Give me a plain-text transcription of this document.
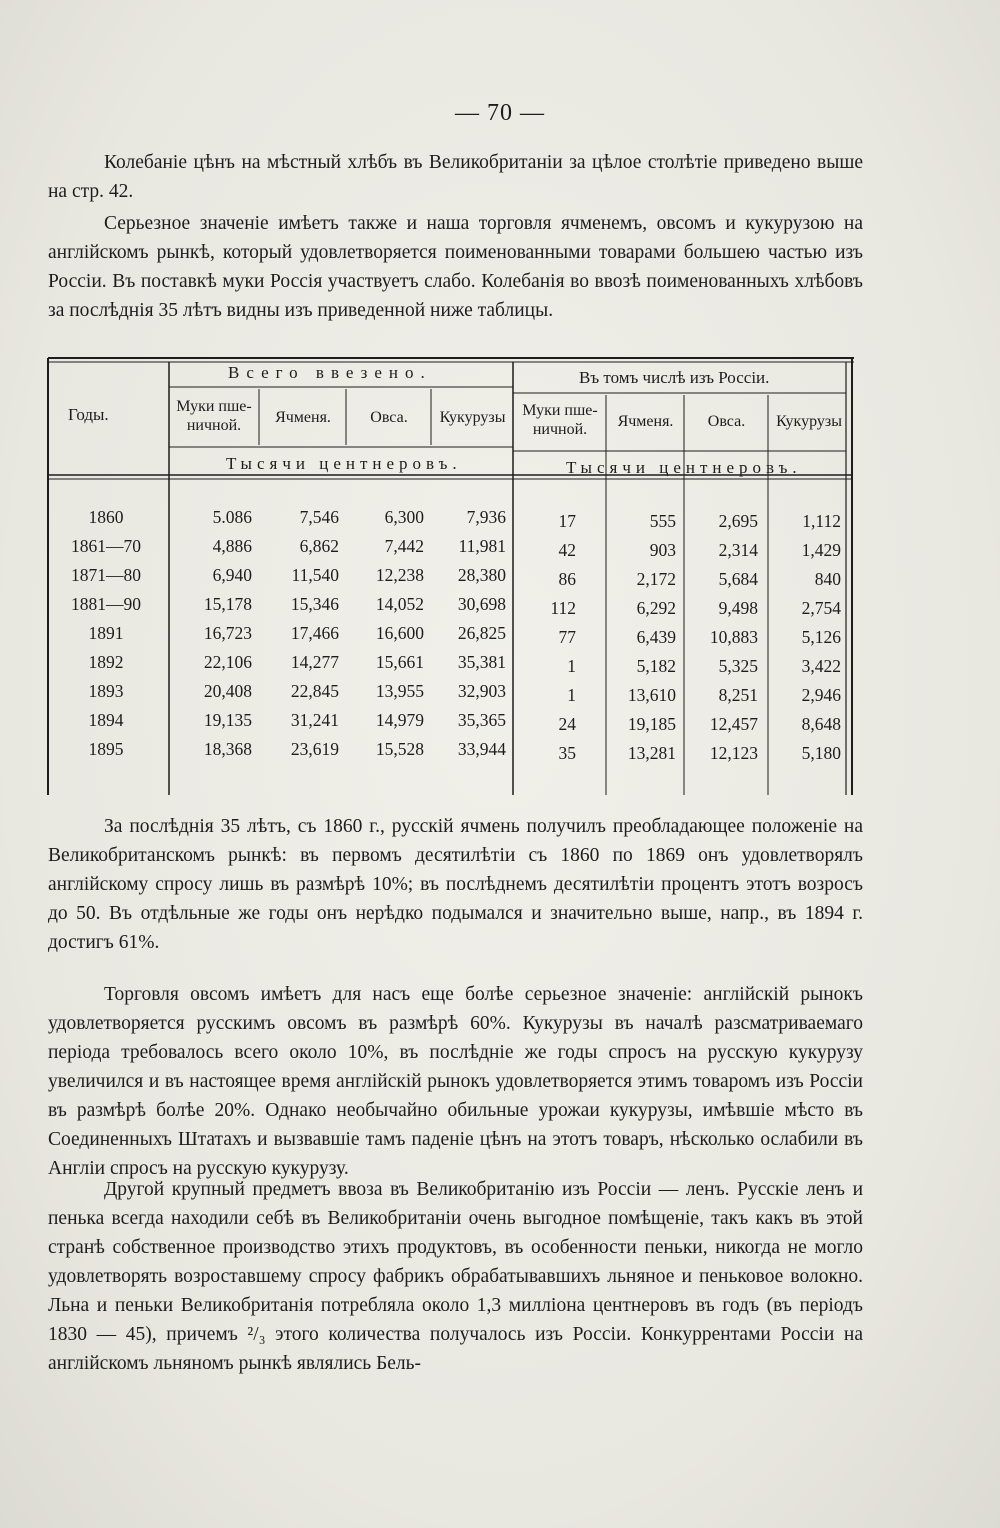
— 70 —

Колебаніе цѣнъ на мѣстный хлѣбъ въ Великобританіи за цѣлое столѣтіе приведено выше на стр. 42.

Серьезное значеніе имѣетъ также и наша торговля ячменемъ, овсомъ и кукурузою на англійскомъ рынкѣ, который удовлетворяется поименованными товарами большею частью изъ Россіи. Въ поставкѣ муки Россія участвуетъ слабо. Колебанія во ввозѣ поименованныхъ хлѣбовъ за послѣднія 35 лѣтъ видны изъ приведенной ниже таблицы.

Годы.
Всего ввезено.	Въ томъ числѣ изъ Россіи.
Муки пше-ничной.	Ячменя.	Овса.	Кукурузы	Муки пше-ничной.	Ячменя.	Овса.	Кукурузы
Тысячи центнеровъ.	Тысячи центнеровъ.
1860	5.086	7,546	6,300 7,936	17	555 2,695	1,112
1861—70	4,886	6,862	7,442 11,981	42	903 2,314 1,429
1871—80	6,940 11,540 12,238 28,380	86	2,172 5,684	840
1881—90	15,178 15,346 14,052 30,698	112	6,292 9,498 2,754
1891	16,723 17,466 16,600 26,825	77	6,439 10,883 5,126
1892	22,106 14,277 15,661 35,381	1	5,182 5,325 3,422
1893	20,408 22,845 13,955 32,903	1	13,610 8,251 2,946
1894	19,135 31,241 14,979 35,365	24	19,185 12,457 8,648
1895	18,368 23,619 15,528 33,944	35	13,281 12,123 5,180

За послѣднія 35 лѣтъ, съ 1860 г., русскій ячмень получилъ преобладающее положеніе на Великобританскомъ рынкѣ: въ первомъ десятилѣтіи съ 1860 по 1869 онъ удовлетворялъ англійскому спросу лишь въ размѣрѣ 10%; въ послѣднемъ десятилѣтіи процентъ этотъ возросъ до 50. Въ отдѣльные же годы онъ нерѣдко подымался и значительно выше, напр., въ 1894 г. достигъ 61%.

Торговля овсомъ имѣетъ для насъ еще болѣе серьезное значеніе: англійскій рынокъ удовлетворяется русскимъ овсомъ въ размѣрѣ 60%. Кукурузы въ началѣ разсматриваемаго періода требовалось всего около 10%, въ послѣдніе же годы спросъ на русскую кукурузу увеличился и въ настоящее время англійскій рынокъ удовлетворяется этимъ товаромъ изъ Россіи въ размѣрѣ болѣе 20%. Однако необычайно обильные урожаи кукурузы, имѣвшіе мѣсто въ Соединенныхъ Штатахъ и вызвавшіе тамъ паденіе цѣнъ на этотъ товаръ, нѣсколько ослабили въ Англіи спросъ на русскую кукурузу.

Другой крупный предметъ ввоза въ Великобританію изъ Россіи — ленъ. Русскіе ленъ и пенька всегда находили себѣ въ Великобританіи очень выгодное помѣщеніе, такъ какъ въ этой странѣ собственное производство этихъ продуктовъ, въ особенности пеньки, никогда не могло удовлетворять возроставшему спросу фабрикъ обрабатывавшихъ льняное и пеньковое волокно. Льна и пеньки Великобританія потребляла около 1,3 милліона центнеровъ въ годъ (въ періодъ 1830 — 45), причемъ ²/₃ этого количества получалось изъ Россіи. Конкуррентами Россіи на англійскомъ льняномъ рынкѣ являлись Бель-
